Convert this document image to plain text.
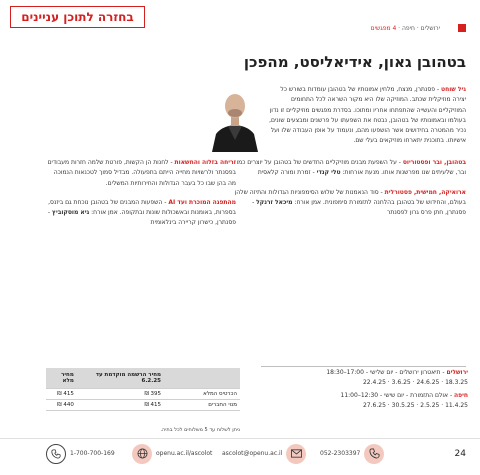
בחזרה לתוכן עניינים
ירושלים · חיפה · 4 מפגשים
בטהובן גאון, אידיאליסט, מהפכן
גיל שוחט - פסנתרן, מנצח, מלחין אמונותיו של בטהובן עומדות בשורש כל יצירה מוזיקלית שכתב. המוזיקה שלו היא מקור השראה לכל התחומים המוזיקליים והעשייה שהתפתחו אחריו ומתוכו. בסדרת מפגשים מוזיקליים זו נדון בעולמו ובאמונותיו של בטהובן, נבטח את השפעתו על פרשנים ומבצעים שונים, נכיר מהמטרה בחידושים אשר הושפעו מהם, ונעמוד על אופן העבודה שלו ועל אישיותו. בתוכנית יתארחו מוזיקאים בעלי שם.

בטהובן, ובר ופסטוריוס - על השפעת מבנים מוזיקליים החדשים של בטהובן על יוצרים כמו ובר, שלעיתים שנו מפרשנות אותו. מנעת אורחות: טלי קנדי - זמרת ומורה קלאסית

ארואיקה, חמישית, פסטורלית - סוד הנאמנות של שלוש הסימפוניות הגדולות והתיזה שלהן בעולם, והחידוש של בטהובן בהלחנה לתזמורת סימפונית. אמן אורח: מיכאל זרנקל - פסנתרן, חתן פרס גרון לפסנתר

זריחה בזלוה והחשאות - לחנות הן הקשות, פורטת שלמה חזרות מעבודים בפסנתר ולרשויות מחייה הייתם בתפעולה. מבדיל סמוך לטכנאות הנמוכה מה בהן שבו כל בעבר הגדולות והחירותיות המשלים.

מהתפגה המוכרת ועד AI - השפעות המבנים של בטהובן נוכחת גם ביזנס, בספרות, באומנות ובאשכולות שונות ובתקופה. אמן אורח: גיא מוסקוביץ - פסנתרן, כישרון קריירה בינלאומית

	מחיר הרשמה מוקדמת עד 6.2.25	מחיר מלא
הכרטיס המלא	395 ₪	415 ₪
מנוי החברים	415 ₪	440 ₪
ניתן לשלוח עד 5 משלוחים לכל בתיה.
ירושלים - תיאטרון ירושלים - יום שלישי - 17:00–18:30
18.3.25 · 24.6.25 · 3.6.25 · 22.4.25
חיפה - אולם התזמורת - יום שישי - 12:30–11:00
11.4.25 · 2.5.25 · 30.5.25 · 27.6.25
24
052-2303397
ascolot@openu.ac.il
openu.ac.il/ascolot
1-700-700-169
